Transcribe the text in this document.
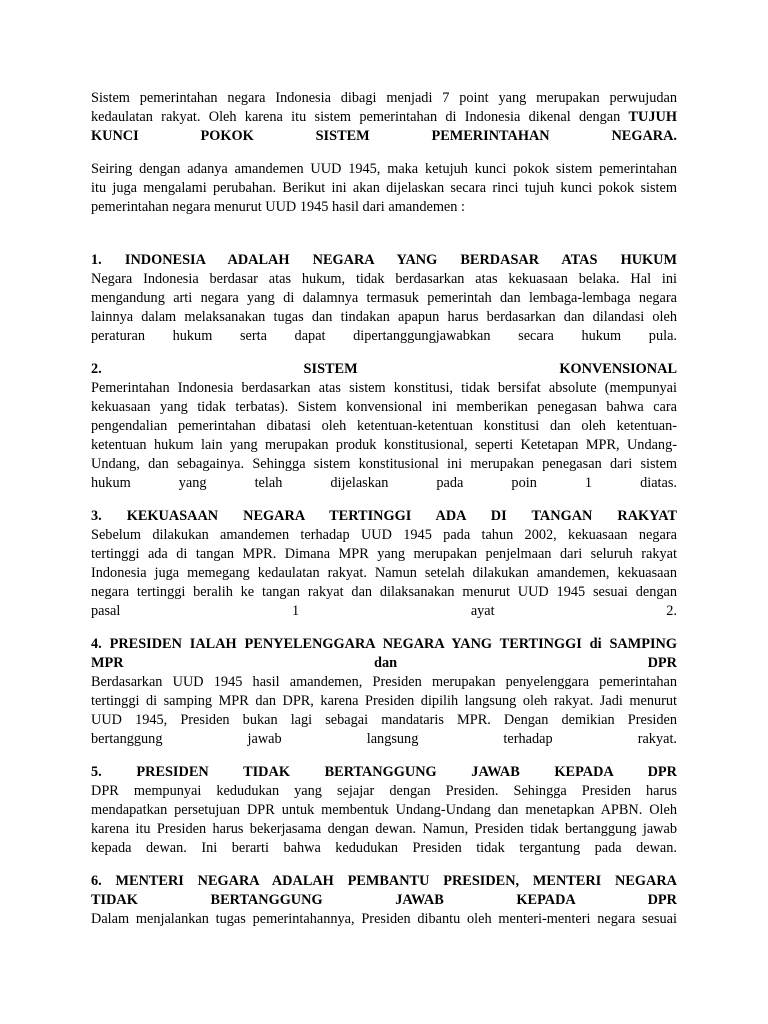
Sistem pemerintahan negara Indonesia dibagi menjadi 7 point yang merupakan perwujudan
kedaulatan rakyat. Oleh karena itu sistem pemerintahan di Indonesia dikenal dengan TUJUH
KUNCI POKOK SISTEM PEMERINTAHAN NEGARA.
Seiring dengan adanya amandemen UUD 1945, maka ketujuh kunci pokok sistem pemerintahan
itu juga mengalami perubahan. Berikut ini akan dijelaskan secara rinci tujuh kunci pokok sistem
pemerintahan negara menurut UUD 1945 hasil dari amandemen :
1. INDONESIA ADALAH NEGARA YANG BERDASAR ATAS HUKUM
Negara Indonesia berdasar atas hukum, tidak berdasarkan atas kekuasaan belaka. Hal ini
mengandung arti negara yang di dalamnya termasuk pemerintah dan lembaga-lembaga negara
lainnya dalam melaksanakan tugas dan tindakan apapun harus berdasarkan dan dilandasi oleh
peraturan hukum serta dapat dipertanggungjawabkan secara hukum pula.
2. SISTEM KONVENSIONAL
Pemerintahan Indonesia berdasarkan atas sistem konstitusi, tidak bersifat absolute (mempunyai
kekuasaan yang tidak terbatas). Sistem konvensional ini memberikan penegasan bahwa cara
pengendalian pemerintahan dibatasi oleh ketentuan-ketentuan konstitusi dan oleh ketentuan-
ketentuan hukum lain yang merupakan produk konstitusional, seperti Ketetapan MPR, Undang-
Undang, dan sebagainya. Sehingga sistem konstitusional ini merupakan penegasan dari sistem
hukum yang telah dijelaskan pada poin 1 diatas.
3. KEKUASAAN NEGARA TERTINGGI ADA DI TANGAN RAKYAT
Sebelum dilakukan amandemen terhadap UUD 1945 pada tahun 2002, kekuasaan negara
tertinggi ada di tangan MPR. Dimana MPR yang merupakan penjelmaan dari seluruh rakyat
Indonesia juga memegang kedaulatan rakyat. Namun setelah dilakukan amandemen, kekuasaan
negara tertinggi beralih ke tangan rakyat dan dilaksanakan menurut UUD 1945 sesuai dengan
pasal 1 ayat 2.
4. PRESIDEN IALAH PENYELENGGARA NEGARA YANG TERTINGGI di SAMPING
MPR dan DPR
Berdasarkan UUD 1945 hasil amandemen, Presiden merupakan penyelenggara pemerintahan
tertinggi di samping MPR dan DPR, karena Presiden dipilih langsung oleh rakyat. Jadi menurut
UUD 1945, Presiden bukan lagi sebagai mandataris MPR. Dengan demikian Presiden
bertanggung jawab langsung terhadap rakyat.
5. PRESIDEN TIDAK BERTANGGUNG JAWAB KEPADA DPR
DPR mempunyai kedudukan yang sejajar dengan Presiden. Sehingga Presiden harus
mendapatkan persetujuan DPR untuk membentuk Undang-Undang dan menetapkan APBN. Oleh
karena itu Presiden harus bekerjasama dengan dewan. Namun, Presiden tidak bertanggung jawab
kepada dewan. Ini berarti bahwa kedudukan Presiden tidak tergantung pada dewan.
6. MENTERI NEGARA ADALAH PEMBANTU PRESIDEN, MENTERI NEGARA
TIDAK BERTANGGUNG JAWAB KEPADA DPR
Dalam menjalankan tugas pemerintahannya, Presiden dibantu oleh menteri-menteri negara sesuai
